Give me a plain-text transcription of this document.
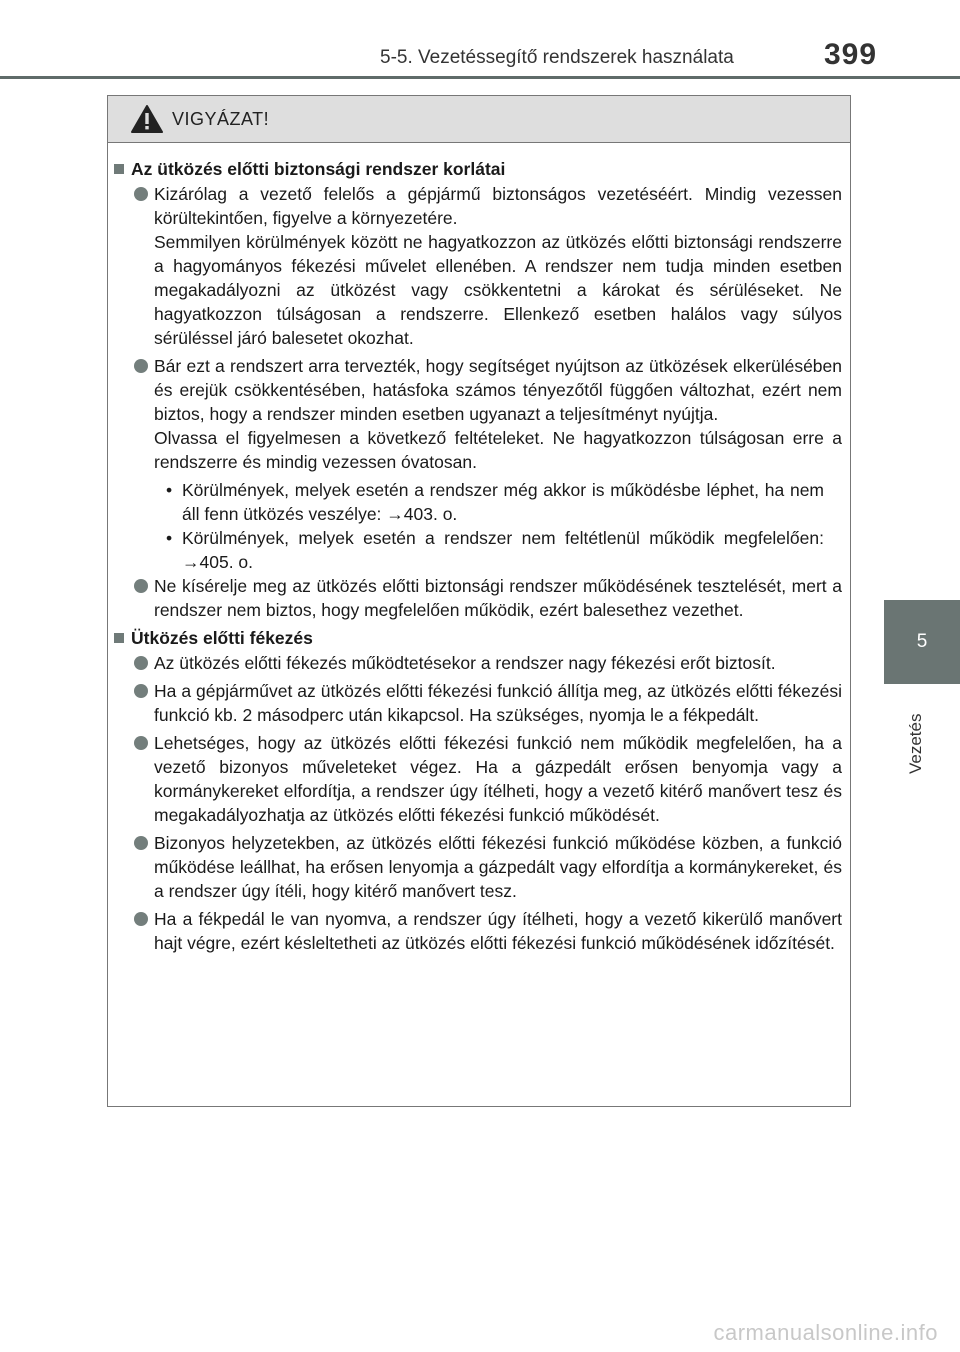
5-5. Vezetéssegítő rendszerek használata	399
5
Vezetés
VIGYÁZAT!
Az ütközés előtti biztonsági rendszer korlátai

Kizárólag a vezető felelős a gépjármű biztonságos vezetéséért. Mindig vezessen körültekintően, figyelve a környezetére.

Semmilyen körülmények között ne hagyatkozzon az ütközés előtti biztonsági rendszerre a hagyományos fékezési művelet ellenében. A rendszer nem tudja minden esetben megakadályozni az ütközést vagy csökkentetni a károkat és sérüléseket. Ne hagyatkozzon túlságosan a rendszerre. Ellenkező esetben halálos vagy súlyos sérüléssel járó balesetet okozhat.

Bár ezt a rendszert arra tervezték, hogy segítséget nyújtson az ütközések elkerülésében és erejük csökkentésében, hatásfoka számos tényezőtől függően változhat, ezért nem biztos, hogy a rendszer minden esetben ugyanazt a teljesítményt nyújtja.

Olvassa el figyelmesen a következő feltételeket. Ne hagyatkozzon túlságosan erre a rendszerre és mindig vezessen óvatosan.

• Körülmények, melyek esetén a rendszer még akkor is működésbe léphet, ha nem áll fenn ütközés veszélye: →403. o.
• Körülmények, melyek esetén a rendszer nem feltétlenül működik megfelelően: →405. o.

Ne kísérelje meg az ütközés előtti biztonsági rendszer működésének tesztelését, mert a rendszer nem biztos, hogy megfelelően működik, ezért balesethez vezethet.

Ütközés előtti fékezés

Az ütközés előtti fékezés működtetésekor a rendszer nagy fékezési erőt biztosít.

Ha a gépjárművet az ütközés előtti fékezési funkció állítja meg, az ütközés előtti fékezési funkció kb. 2 másodperc után kikapcsol. Ha szükséges, nyomja le a fékpedált.

Lehetséges, hogy az ütközés előtti fékezési funkció nem működik megfelelően, ha a vezető bizonyos műveleteket végez. Ha a gázpedált erősen benyomja vagy a kormánykereket elfordítja, a rendszer úgy ítélheti, hogy a vezető kitérő manővert tesz és megakadályozhatja az ütközés előtti fékezési funkció működését.

Bizonyos helyzetekben, az ütközés előtti fékezési funkció működése közben, a funkció működése leállhat, ha erősen lenyomja a gázpedált vagy elfordítja a kormánykereket, és a rendszer úgy ítéli, hogy kitérő manővert tesz.

Ha a fékpedál le van nyomva, a rendszer úgy ítélheti, hogy a vezető kikerülő manővert hajt végre, ezért késleltetheti az ütközés előtti fékezési funkció működésének időzítését.

carmanualsonline.info
